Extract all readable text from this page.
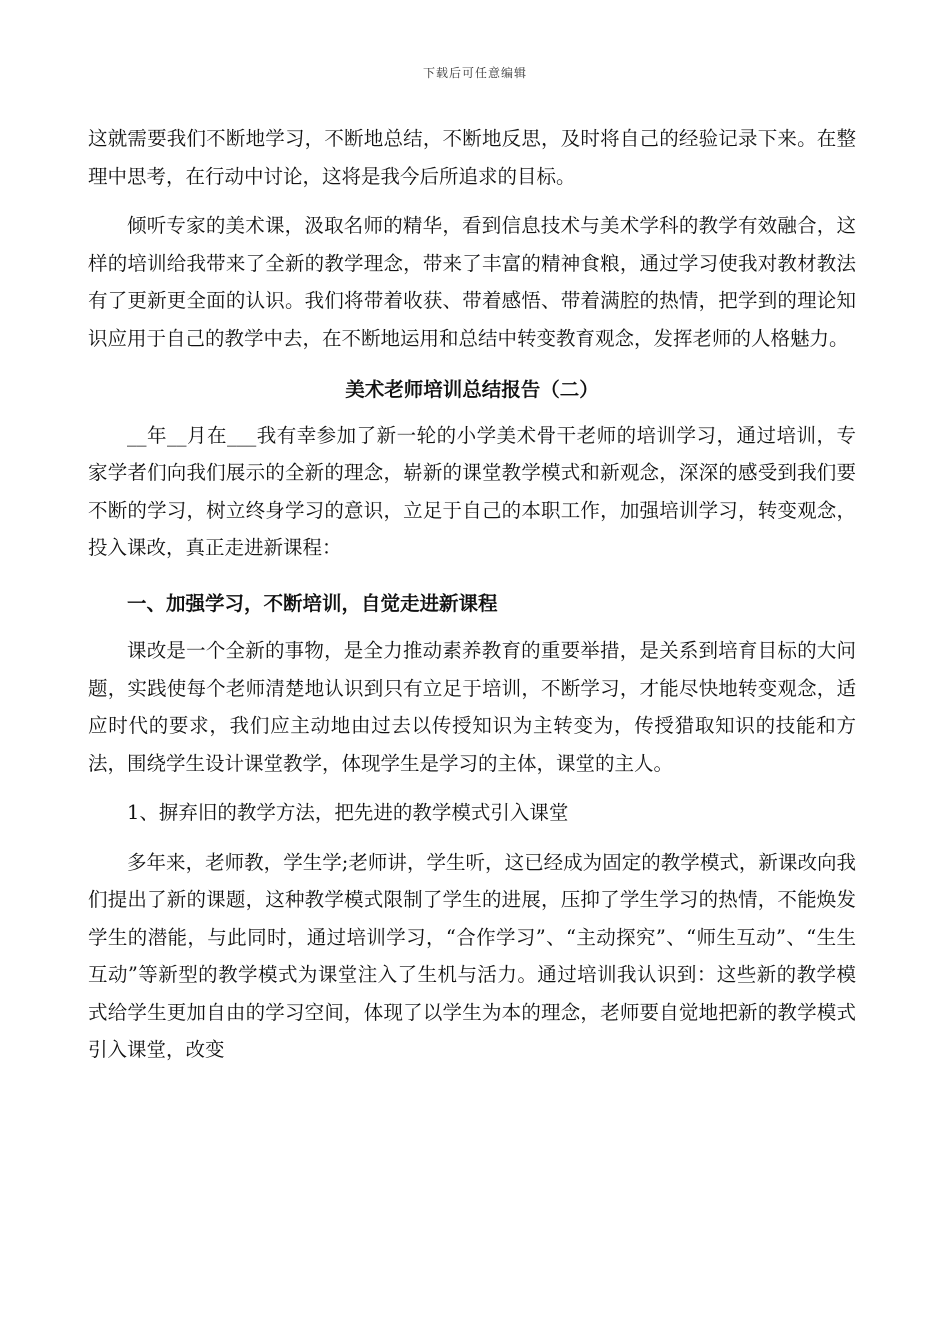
下载后可任意编辑

这就需要我们不断地学习，不断地总结，不断地反思，及时将自己的经验记录下来。在整理中思考，在行动中讨论，这将是我今后所追求的目标。

倾听专家的美术课，汲取名师的精华，看到信息技术与美术学科的教学有效融合，这样的培训给我带来了全新的教学理念，带来了丰富的精神食粮，通过学习使我对教材教法有了更新更全面的认识。我们将带着收获、带着感悟、带着满腔的热情，把学到的理论知识应用于自己的教学中去，在不断地运用和总结中转变教育观念，发挥老师的人格魅力。

美术老师培训总结报告（二）

__年__月在___我有幸参加了新一轮的小学美术骨干老师的培训学习，通过培训，专家学者们向我们展示的全新的理念，崭新的课堂教学模式和新观念，深深的感受到我们要不断的学习，树立终身学习的意识，立足于自己的本职工作，加强培训学习，转变观念，投入课改，真正走进新课程：

一、加强学习，不断培训，自觉走进新课程

课改是一个全新的事物，是全力推动素养教育的重要举措，是关系到培育目标的大问题，实践使每个老师清楚地认识到只有立足于培训，不断学习，才能尽快地转变观念，适应时代的要求，我们应主动地由过去以传授知识为主转变为，传授猎取知识的技能和方法，围绕学生设计课堂教学，体现学生是学习的主体，课堂的主人。

1、摒弃旧的教学方法，把先进的教学模式引入课堂

多年来，老师教，学生学;老师讲，学生听，这已经成为固定的教学模式，新课改向我们提出了新的课题，这种教学模式限制了学生的进展，压抑了学生学习的热情，不能焕发学生的潜能，与此同时，通过培训学习，“合作学习”、“主动探究”、“师生互动”、“生生互动”等新型的教学模式为课堂注入了生机与活力。通过培训我认识到：这些新的教学模式给学生更加自由的学习空间，体现了以学生为本的理念，老师要自觉地把新的教学模式引入课堂，改变
